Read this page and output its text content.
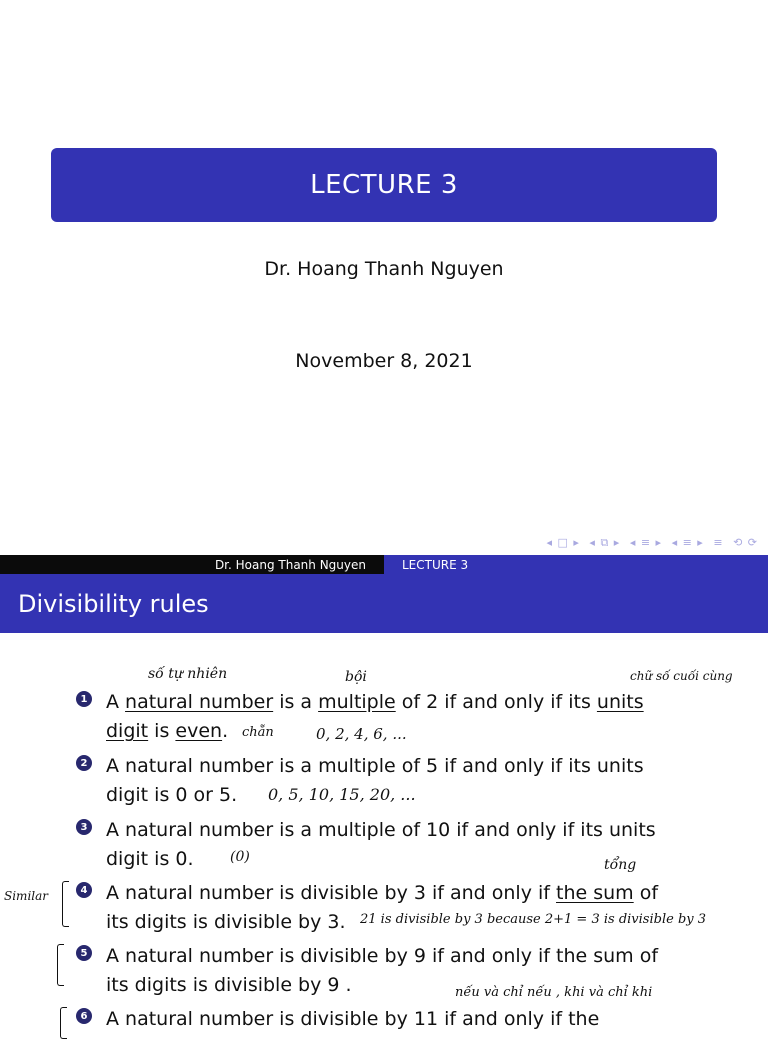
LECTURE 3
Dr. Hoang Thanh Nguyen
November 8, 2021
◂ □ ▸ ◂ ⧉ ▸ ◂ ≡ ▸ ◂ ≡ ▸ ≡ ⟲ ⟳
Dr. Hoang Thanh Nguyen	LECTURE 3
Divisibility rules
1 A natural number is a multiple of 2 if and only if its units digit is even.
2 A natural number is a multiple of 5 if and only if its units digit is 0 or 5.
3 A natural number is a multiple of 10 if and only if its units digit is 0.
4 A natural number is divisible by 3 if and only if the sum of its digits is divisible by 3.
5 A natural number is divisible by 9 if and only if the sum of its digits is divisible by 9 .
6 A natural number is divisible by 11 if and only if the
số tự nhiên	bội	chữ số cuối cùng
chẵn	0, 2, 4, 6, ...
0, 5, 10, 15, 20, ...
(0)	tổng
Similar
21 is divisible by 3 because 2+1 = 3 is divisible by 3
nếu và chỉ nếu , khi và chỉ khi
